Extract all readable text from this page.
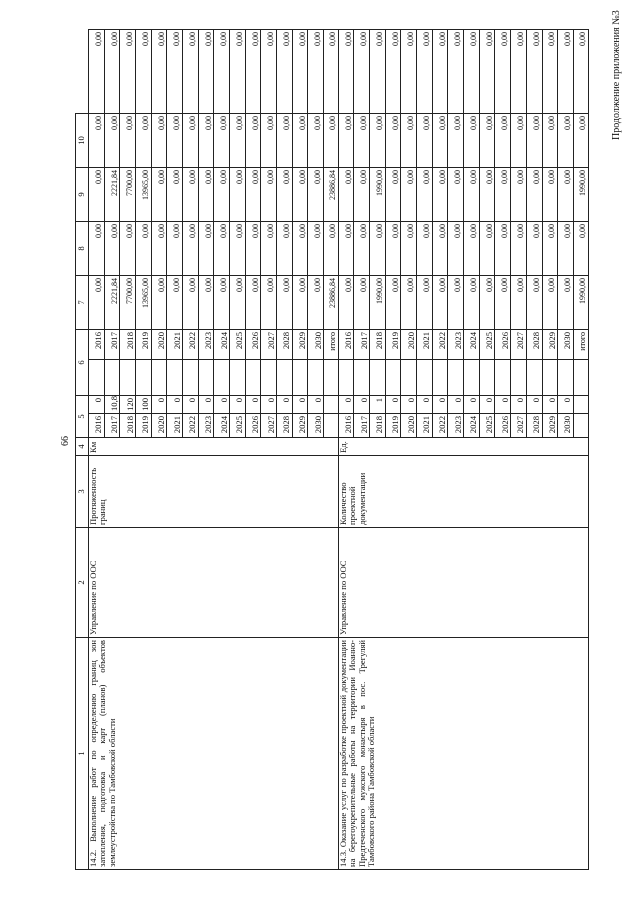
66
Продолжение приложения №3
1	2	3	4	5		6		7	8	9	10	
14.2. Выполнение работ по определению границ зон затопления, подготовка и карт (планов) объектов землеустройства по Тамбовской области	Управление по ООС	Протяженность границ	Км	2016	0		2016	0,00	0,00	0,00	0,00	0,00
				2017	10,8		2017	2221,84	0,00	2221,84	0,00	0,00
				2018	120		2018	7700,00	0,00	7700,00	0,00	0,00
				2019	100		2019	13965,00	0,00	13965,00	0,00	0,00
				2020	0		2020	0,00	0,00	0,00	0,00	0,00
				2021	0		2021	0,00	0,00	0,00	0,00	0,00
				2022	0		2022	0,00	0,00	0,00	0,00	0,00
				2023	0		2023	0,00	0,00	0,00	0,00	0,00
				2024	0		2024	0,00	0,00	0,00	0,00	0,00
				2025	0		2025	0,00	0,00	0,00	0,00	0,00
				2026	0		2026	0,00	0,00	0,00	0,00	0,00
				2027	0		2027	0,00	0,00	0,00	0,00	0,00
				2028	0		2028	0,00	0,00	0,00	0,00	0,00
				2029	0		2029	0,00	0,00	0,00	0,00	0,00
				2030	0		2030	0,00	0,00	0,00	0,00	0,00
							итого	23886,84	0,00	23886,84	0,00	0,00
14.3. Оказание услуг по разработке проектной документации на берегоукрепительные работы на территории Иоанно-Предтеченского мужского монастыря в пос. Трегуляй Тамбовского района Тамбовской области	Управление по ООС	Количество проектной документации	Ед.	2016	0		2016	0,00	0,00	0,00	0,00	0,00
				2017	0		2017	0,00	0,00	0,00	0,00	0,00
				2018	1		2018	1990,00	0,00	1990,00	0,00	0,00
				2019	0		2019	0,00	0,00	0,00	0,00	0,00
				2020	0		2020	0,00	0,00	0,00	0,00	0,00
				2021	0		2021	0,00	0,00	0,00	0,00	0,00
				2022	0		2022	0,00	0,00	0,00	0,00	0,00
				2023	0		2023	0,00	0,00	0,00	0,00	0,00
				2024	0		2024	0,00	0,00	0,00	0,00	0,00
				2025	0		2025	0,00	0,00	0,00	0,00	0,00
				2026	0		2026	0,00	0,00	0,00	0,00	0,00
				2027	0		2027	0,00	0,00	0,00	0,00	0,00
				2028	0		2028	0,00	0,00	0,00	0,00	0,00
				2029	0		2029	0,00	0,00	0,00	0,00	0,00
				2030	0		2030	0,00	0,00	0,00	0,00	0,00
							итого	1990,00	0,00	1990,00	0,00	0,00
